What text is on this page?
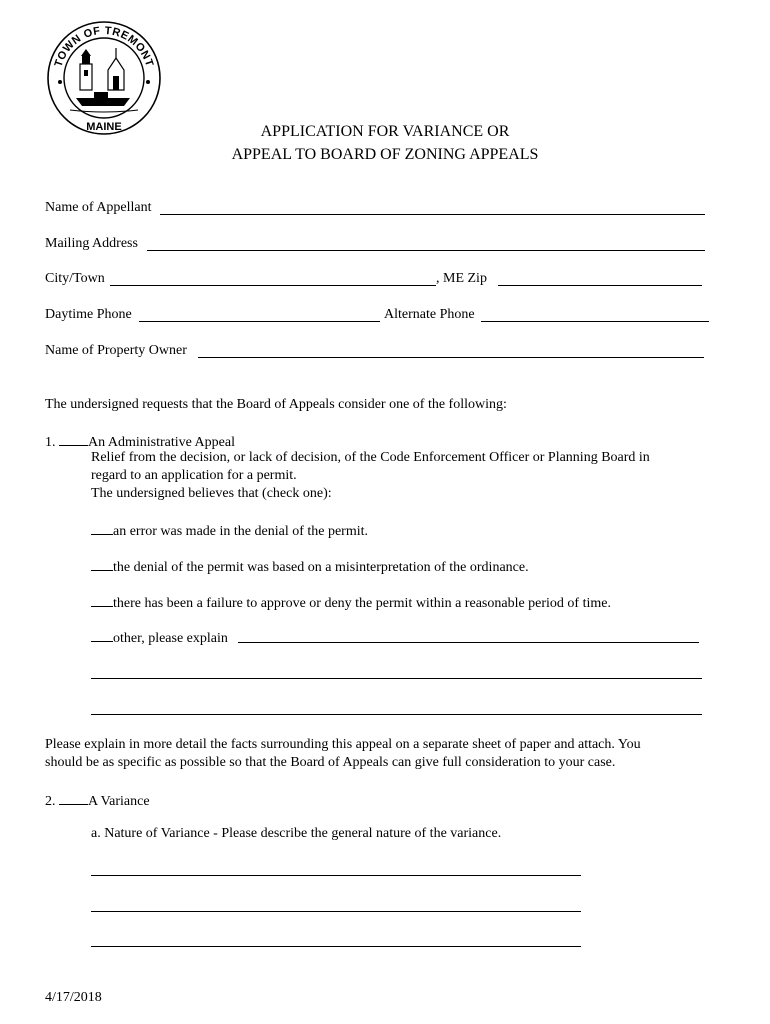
TOWN OF TREMONT
MAINE	APPLICATION FOR VARIANCE OR
APPEAL TO BOARD OF ZONING APPEALS
Name of Appellant
Mailing Address
City/Town	, ME Zip
Daytime Phone	Alternate Phone
Name of Property Owner
The undersigned requests that the Board of Appeals consider one of the following:
1. An Administrative Appeal
Relief from the decision, or lack of decision, of the Code Enforcement Officer or Planning Board in
regard to an application for a permit.
The undersigned believes that (check one):
an error was made in the denial of the permit.
the denial of the permit was based on a misinterpretation of the ordinance.
there has been a failure to approve or deny the permit within a reasonable period of time.
other, please explain
Please explain in more detail the facts surrounding this appeal on a separate sheet of paper and attach. You
should be as specific as possible so that the Board of Appeals can give full consideration to your case.
2. A Variance
a. Nature of Variance - Please describe the general nature of the variance.
4/17/2018
